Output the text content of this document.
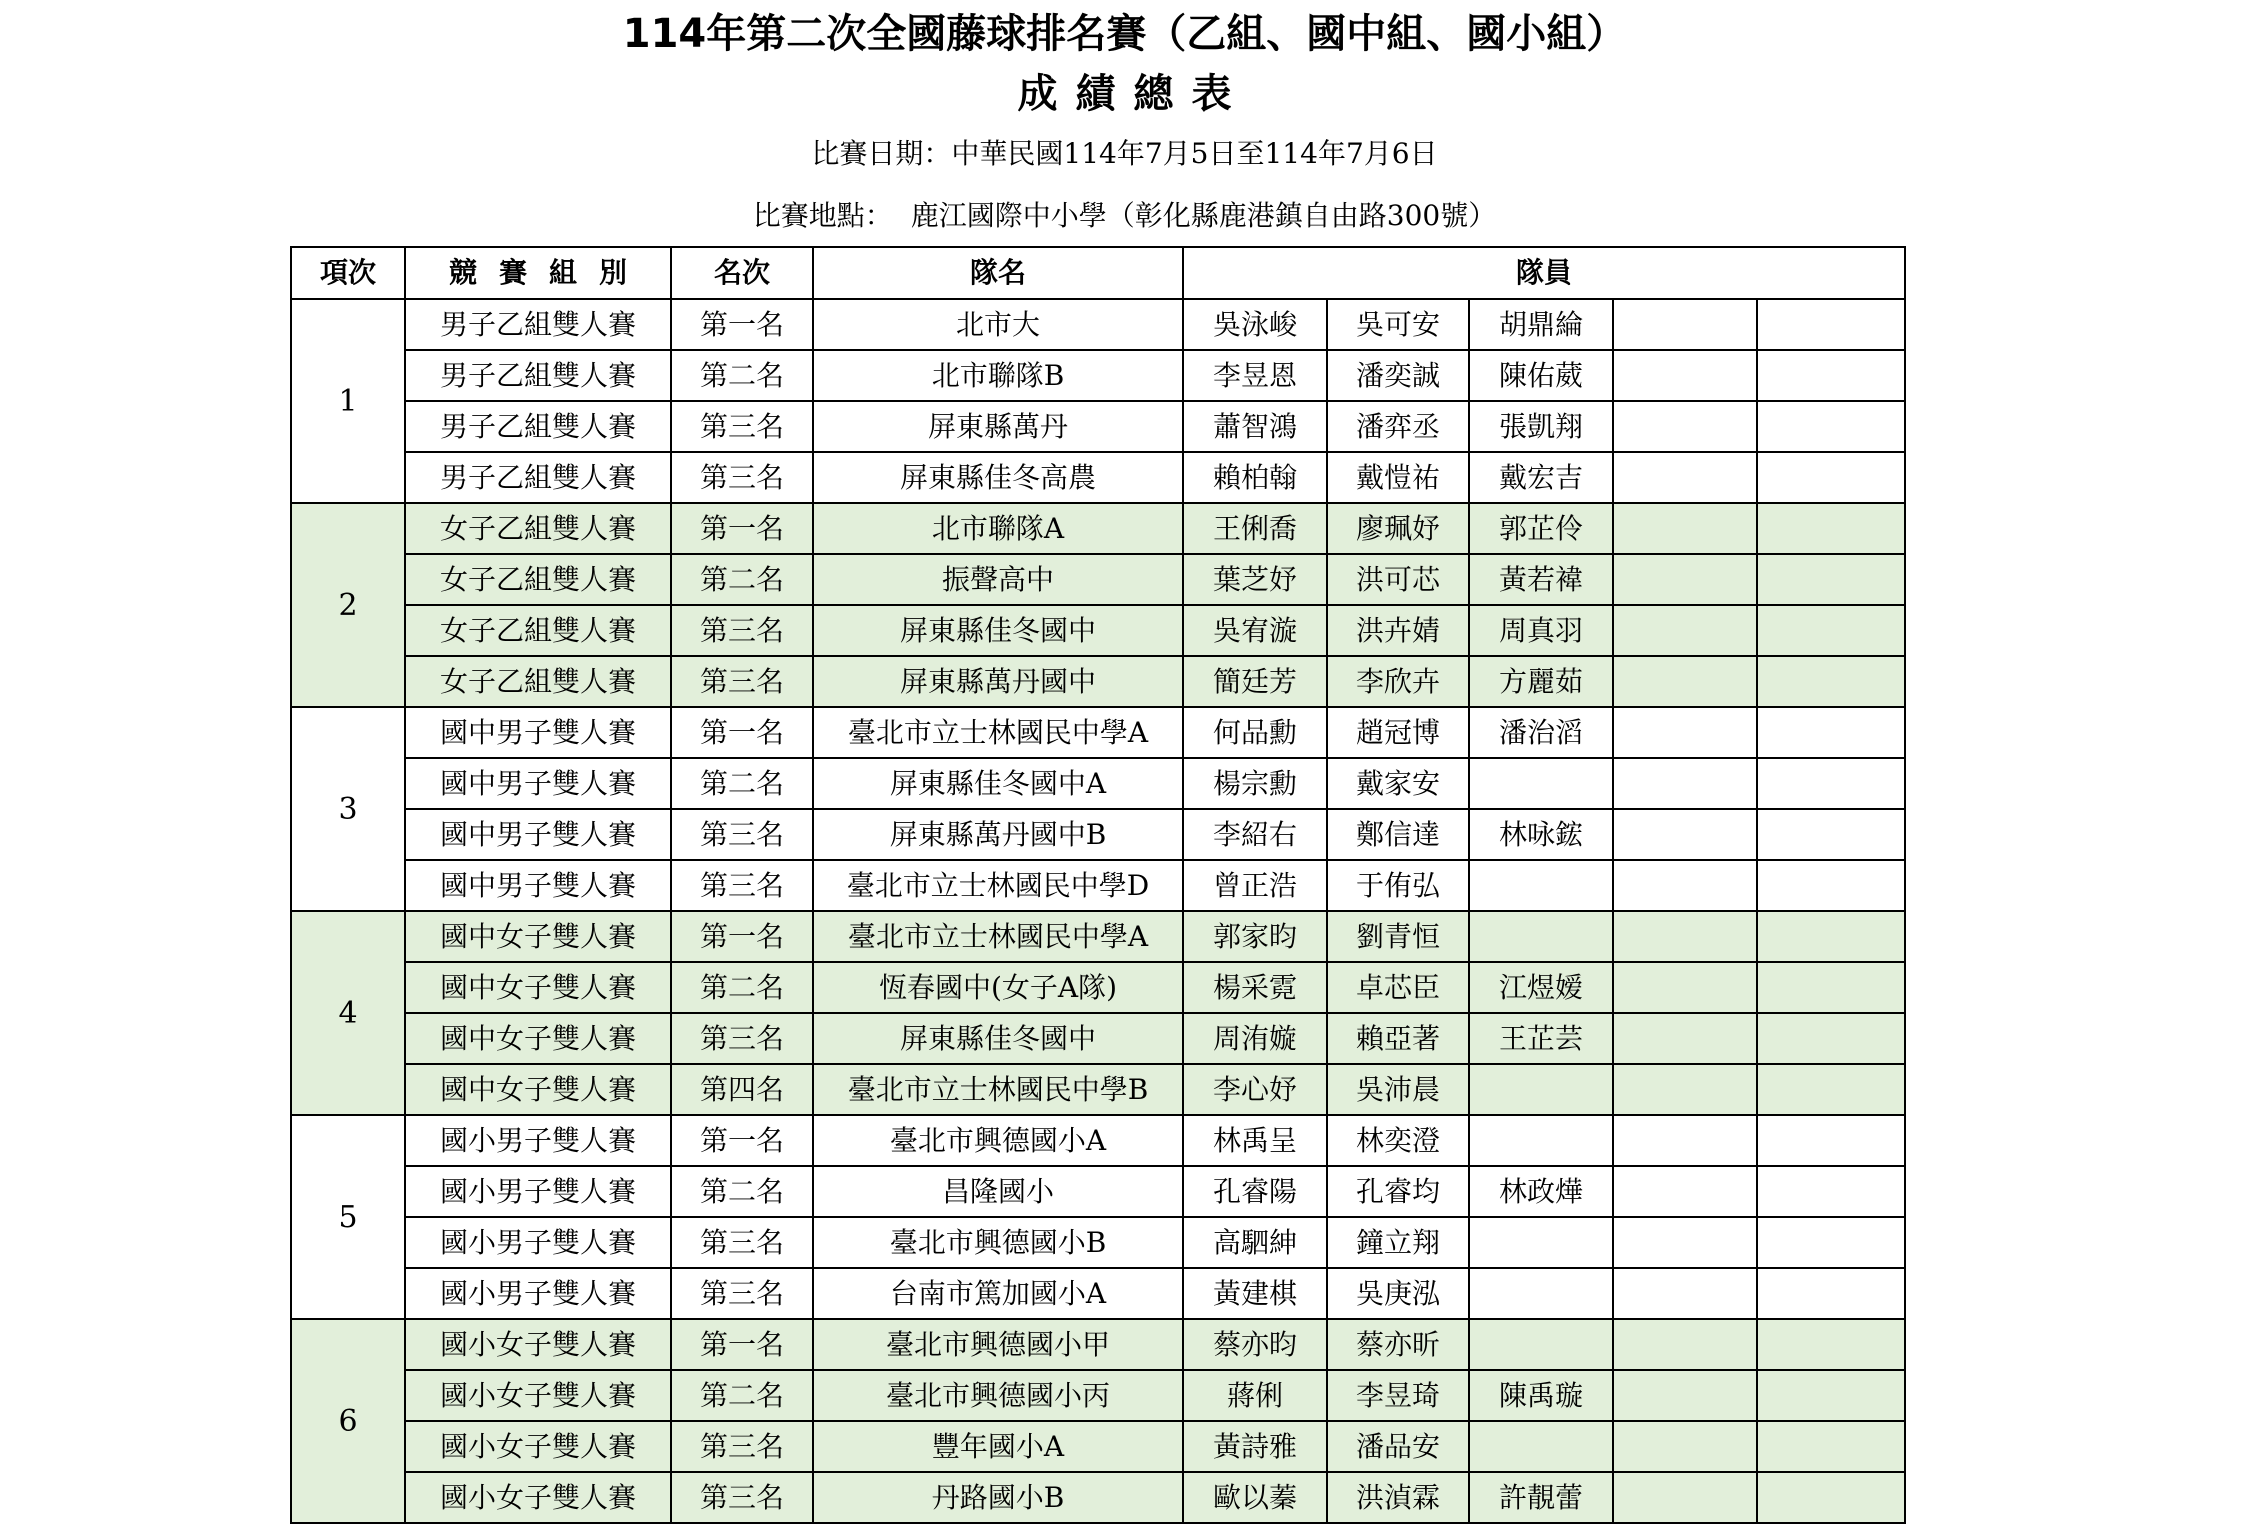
114年第二次全國藤球排名賽（乙組、國中組、國小組）
成績總表
比賽日期：中華民國114年7月5日至114年7月6日
比賽地點： 鹿江國際中小學（彰化縣鹿港鎮自由路300號）
項次	競賽組別	名次	隊名	隊員				
1	男子乙組雙人賽	第一名	北市大	吳泳峻	吳可安	胡鼎綸		
	男子乙組雙人賽	第二名	北市聯隊B	李昱恩	潘奕誠	陳佑葳		
	男子乙組雙人賽	第三名	屏東縣萬丹	蕭智鴻	潘弈丞	張凱翔		
	男子乙組雙人賽	第三名	屏東縣佳冬高農	賴柏翰	戴愷祐	戴宏吉		
2	女子乙組雙人賽	第一名	北市聯隊A	王俐喬	廖珮妤	郭芷伶		
	女子乙組雙人賽	第二名	振聲高中	葉芝妤	洪可芯	黃若褘		
	女子乙組雙人賽	第三名	屏東縣佳冬國中	吳宥漩	洪卉婧	周真羽		
	女子乙組雙人賽	第三名	屏東縣萬丹國中	簡廷芳	李欣卉	方麗茹		
3	國中男子雙人賽	第一名	臺北市立士林國民中學A	何品勳	趙冠博	潘治滔		
	國中男子雙人賽	第二名	屏東縣佳冬國中A	楊宗勳	戴家安			
	國中男子雙人賽	第三名	屏東縣萬丹國中B	李紹右	鄭信達	林咏鋐		
	國中男子雙人賽	第三名	臺北市立士林國民中學D	曾正浩	于侑弘			
4	國中女子雙人賽	第一名	臺北市立士林國民中學A	郭家昀	劉青恒			
	國中女子雙人賽	第二名	恆春國中(女子A隊)	楊采霓	卓芯臣	江煜嫒		
	國中女子雙人賽	第三名	屏東縣佳冬國中	周洧嫙	賴亞著	王芷芸		
	國中女子雙人賽	第四名	臺北市立士林國民中學B	李心妤	吳沛晨			
5	國小男子雙人賽	第一名	臺北市興德國小A	林禹呈	林奕澄			
	國小男子雙人賽	第二名	昌隆國小	孔睿陽	孔睿均	林政燁		
	國小男子雙人賽	第三名	臺北市興德國小B	高駟紳	鐘立翔			
	國小男子雙人賽	第三名	台南市篤加國小A	黃建棋	吳庚泓			
6	國小女子雙人賽	第一名	臺北市興德國小甲	蔡亦昀	蔡亦昕			
	國小女子雙人賽	第二名	臺北市興德國小丙	蔣俐	李昱琦	陳禹璇		
	國小女子雙人賽	第三名	豐年國小A	黃詩雅	潘品安			
	國小女子雙人賽	第三名	丹路國小B	歐以蓁	洪湞霖	許靚蕾		
